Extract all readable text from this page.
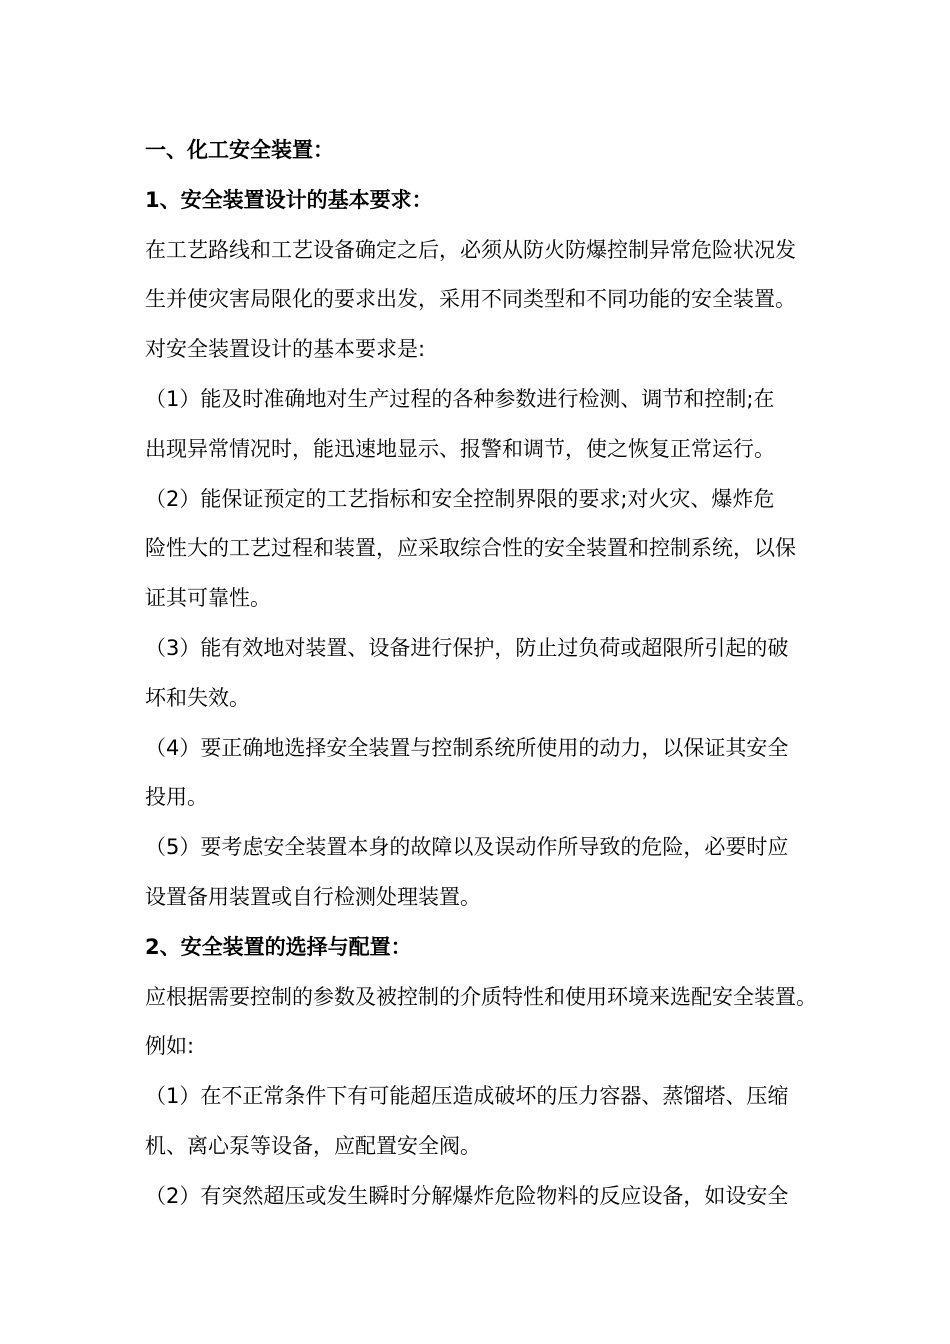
一、化工安全装置：
1、安全装置设计的基本要求：
在工艺路线和工艺设备确定之后，必须从防火防爆控制异常危险状况发
生并使灾害局限化的要求出发，采用不同类型和不同功能的安全装置。
对安全装置设计的基本要求是:
（1）能及时准确地对生产过程的各种参数进行检测、调节和控制;在
出现异常情况时，能迅速地显示、报警和调节，使之恢复正常运行。
（2）能保证预定的工艺指标和安全控制界限的要求;对火灾、爆炸危
险性大的工艺过程和装置，应采取综合性的安全装置和控制系统，以保
证其可靠性。
（3）能有效地对装置、设备进行保护，防止过负荷或超限所引起的破
坏和失效。
（4）要正确地选择安全装置与控制系统所使用的动力，以保证其安全
投用。
（5）要考虑安全装置本身的故障以及误动作所导致的危险，必要时应
设置备用装置或自行检测处理装置。
2、安全装置的选择与配置：
应根据需要控制的参数及被控制的介质特性和使用环境来选配安全装置。
例如:
（1）在不正常条件下有可能超压造成破坏的压力容器、蒸馏塔、压缩
机、离心泵等设备，应配置安全阀。
（2）有突然超压或发生瞬时分解爆炸危险物料的反应设备，如设安全
